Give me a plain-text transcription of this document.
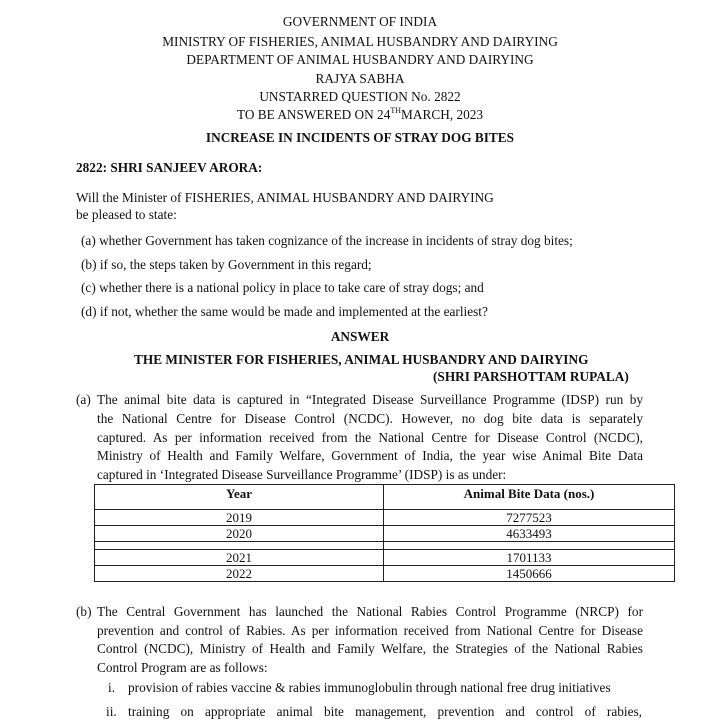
GOVERNMENT OF INDIA
MINISTRY OF FISHERIES, ANIMAL HUSBANDRY AND DAIRYING
DEPARTMENT OF ANIMAL HUSBANDRY AND DAIRYING
RAJYA SABHA
UNSTARRED QUESTION No. 2822
TO BE ANSWERED ON 24THMARCH, 2023
INCREASE IN INCIDENTS OF STRAY DOG BITES
2822: SHRI SANJEEV ARORA:
Will the Minister of FISHERIES, ANIMAL HUSBANDRY AND DAIRYING
be pleased to state:
(a) whether Government has taken cognizance of the increase in incidents of stray dog bites;
(b) if so, the steps taken by Government in this regard;
(c) whether there is a national policy in place to take care of stray dogs; and
(d) if not, whether the same would be made and implemented at the earliest?
ANSWER
THE MINISTER FOR FISHERIES, ANIMAL HUSBANDRY AND DAIRYING
(SHRI PARSHOTTAM RUPALA)
(a) The animal bite data is captured in “Integrated Disease Surveillance Programme (IDSP) run by
the National Centre for Disease Control (NCDC). However, no dog bite data is separately
captured. As per information received from the National Centre for Disease Control (NCDC),
Ministry of Health and Family Welfare, Government of India, the year wise Animal Bite Data
captured in ‘Integrated Disease Surveillance Programme’ (IDSP) is as under:
Year	Animal Bite Data (nos.)
2019	7277523
2020	4633493

2021	1701133
2022	1450666
(b) The Central Government has launched the National Rabies Control Programme (NRCP) for
prevention and control of Rabies. As per information received from National Centre for Disease
Control (NCDC), Ministry of Health and Family Welfare, the Strategies of the National Rabies
Control Program are as follows:
i. provision of rabies vaccine & rabies immunoglobulin through national free drug initiatives
ii. training on appropriate animal bite management, prevention and control of rabies,
